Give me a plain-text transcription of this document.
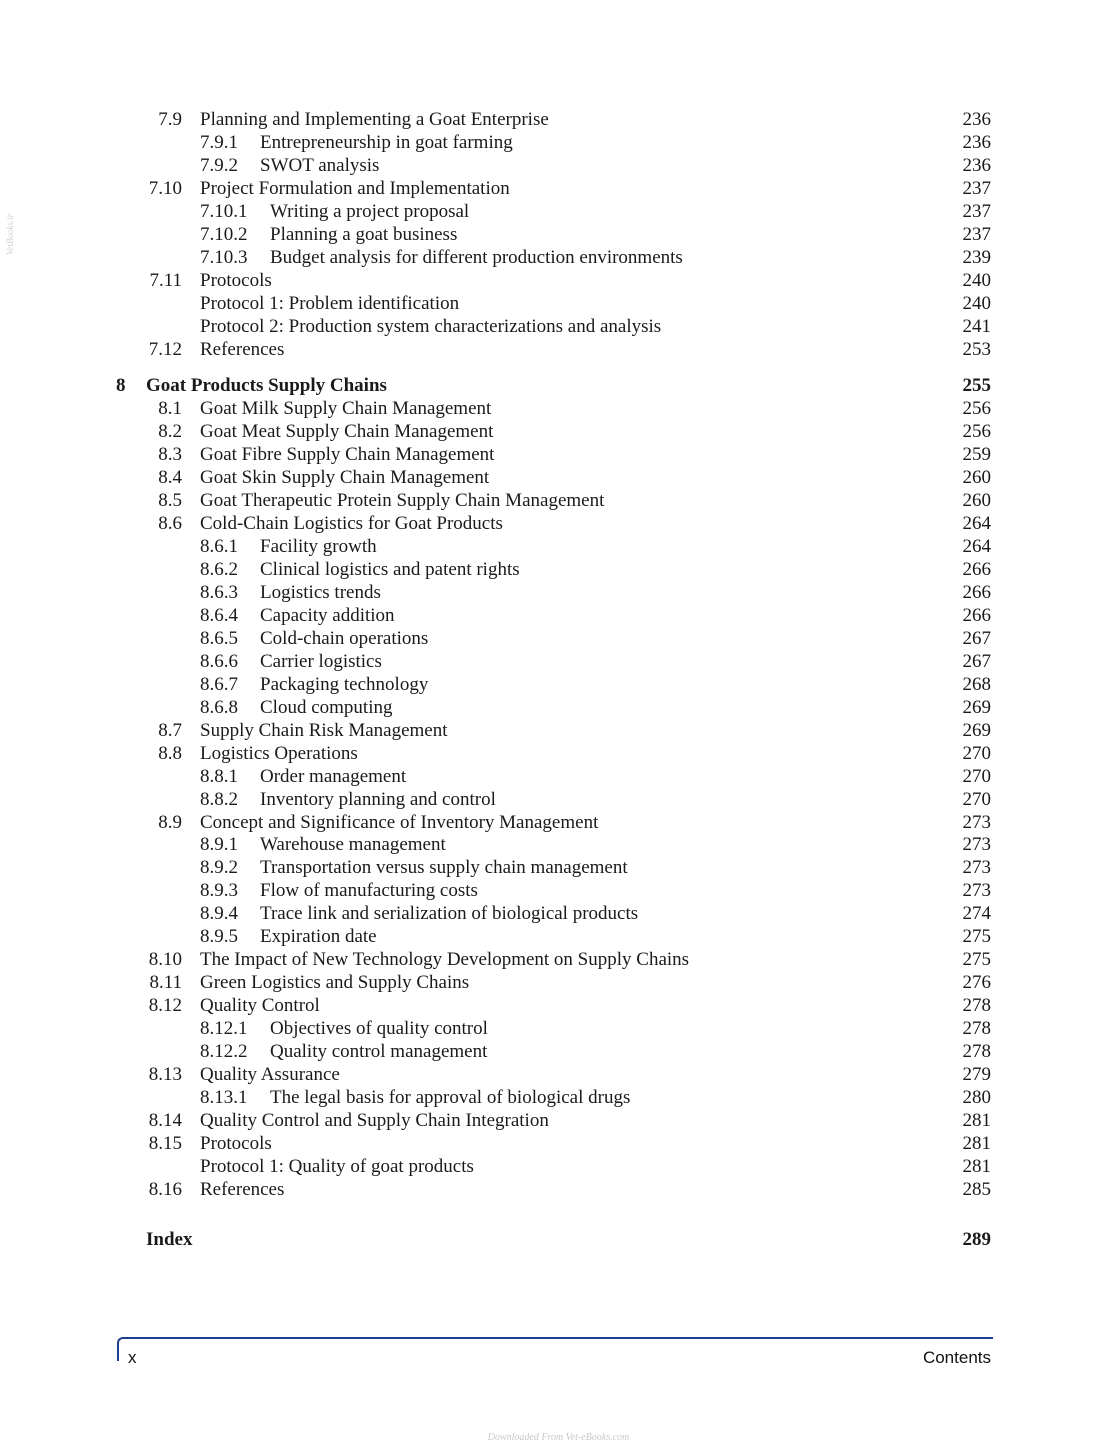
7.9 Planning and Implementing a Goat Enterprise	236
7.9.1 Entrepreneurship in goat farming	236
7.9.2 SWOT analysis	236
7.10 Project Formulation and Implementation	237
7.10.1 Writing a project proposal	237
7.10.2 Planning a goat business	237
7.10.3 Budget analysis for different production environments	239
7.11 Protocols	240
Protocol 1: Problem identification	240
Protocol 2: Production system characterizations and analysis	241
7.12 References	253
8 Goat Products Supply Chains	255
8.1 Goat Milk Supply Chain Management	256
8.2 Goat Meat Supply Chain Management	256
8.3 Goat Fibre Supply Chain Management	259
8.4 Goat Skin Supply Chain Management	260
8.5 Goat Therapeutic Protein Supply Chain Management	260
8.6 Cold-Chain Logistics for Goat Products	264
8.6.1 Facility growth	264
8.6.2 Clinical logistics and patent rights	266
8.6.3 Logistics trends	266
8.6.4 Capacity addition	266
8.6.5 Cold-chain operations	267
8.6.6 Carrier logistics	267
8.6.7 Packaging technology	268
8.6.8 Cloud computing	269
8.7 Supply Chain Risk Management	269
8.8 Logistics Operations	270
8.8.1 Order management	270
8.8.2 Inventory planning and control	270
8.9 Concept and Significance of Inventory Management	273
8.9.1 Warehouse management	273
8.9.2 Transportation versus supply chain management	273
8.9.3 Flow of manufacturing costs	273
8.9.4 Trace link and serialization of biological products	274
8.9.5 Expiration date	275
8.10 The Impact of New Technology Development on Supply Chains	275
8.11 Green Logistics and Supply Chains	276
8.12 Quality Control	278
8.12.1 Objectives of quality control	278
8.12.2 Quality control management	278
8.13 Quality Assurance	279
8.13.1 The legal basis for approval of biological drugs	280
8.14 Quality Control and Supply Chain Integration	281
8.15 Protocols	281
Protocol 1: Quality of goat products	281
8.16 References	285
Index	289
x	Contents
VetBooks.ir
Downloaded From Vet-eBooks.com
